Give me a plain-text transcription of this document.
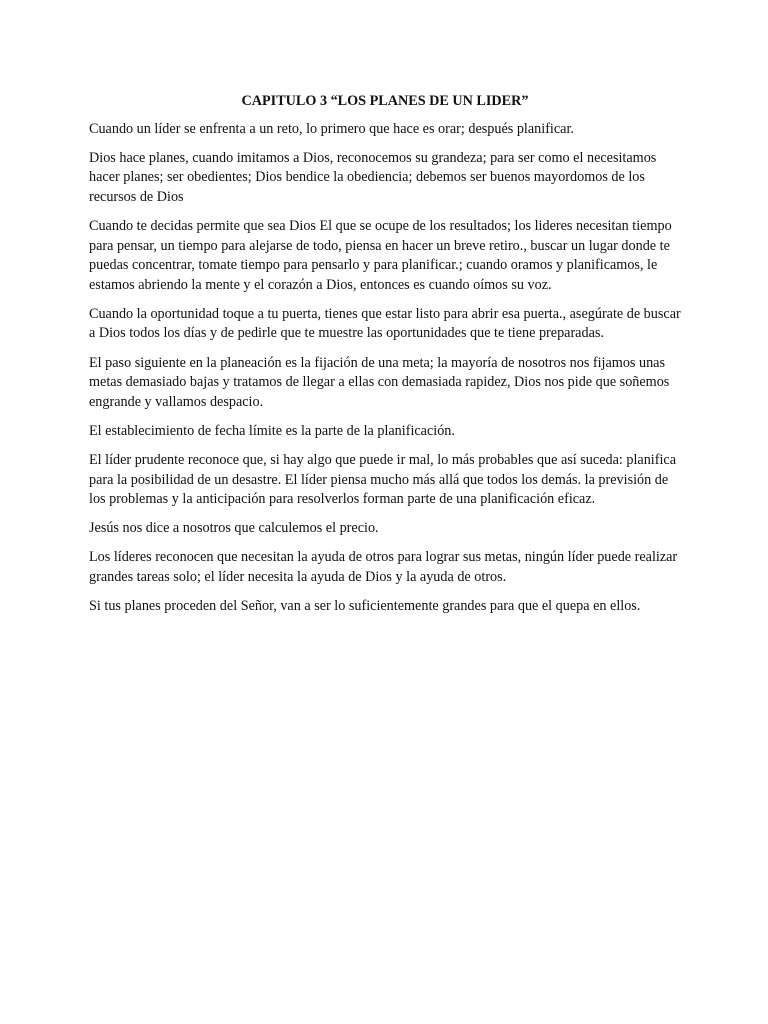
CAPITULO 3 “LOS PLANES DE UN LIDER”

Cuando un líder se enfrenta a un reto, lo primero que hace es orar; después planificar.

Dios hace planes, cuando imitamos a Dios, reconocemos su grandeza; para ser como el necesitamos hacer planes; ser obedientes; Dios bendice la obediencia; debemos ser buenos mayordomos de los recursos de Dios

Cuando te decidas permite que sea Dios El que se ocupe de los resultados; los lideres necesitan tiempo para pensar, un tiempo para alejarse de todo, piensa en hacer un breve retiro., buscar un lugar donde te puedas concentrar, tomate tiempo para pensarlo y para planificar.; cuando oramos y planificamos, le estamos abriendo la mente y el corazón a Dios, entonces es cuando oímos su voz.

Cuando la oportunidad toque a tu puerta, tienes que estar listo para abrir esa puerta., asegúrate de buscar a Dios todos los días y de pedirle que te muestre las oportunidades que te tiene preparadas.

El paso siguiente en la planeación es la fijación de una meta; la mayoría de nosotros nos fijamos unas metas demasiado bajas y tratamos de llegar a ellas con demasiada rapidez, Dios nos pide que soñemos engrande y vallamos despacio.

El establecimiento de fecha límite es la parte de la planificación.

El líder prudente reconoce que, si hay algo que puede ir mal, lo más probables que así suceda: planifica para la posibilidad de un desastre. El líder piensa mucho más allá que todos los demás. la previsión de los problemas y la anticipación para resolverlos forman parte de una planificación eficaz.

Jesús nos dice a nosotros que calculemos el precio.

Los líderes reconocen que necesitan la ayuda de otros para lograr sus metas, ningún líder puede realizar grandes tareas solo; el líder necesita la ayuda de Dios y la ayuda de otros.

Si tus planes proceden del Señor, van a ser lo suficientemente grandes para que el quepa en ellos.
